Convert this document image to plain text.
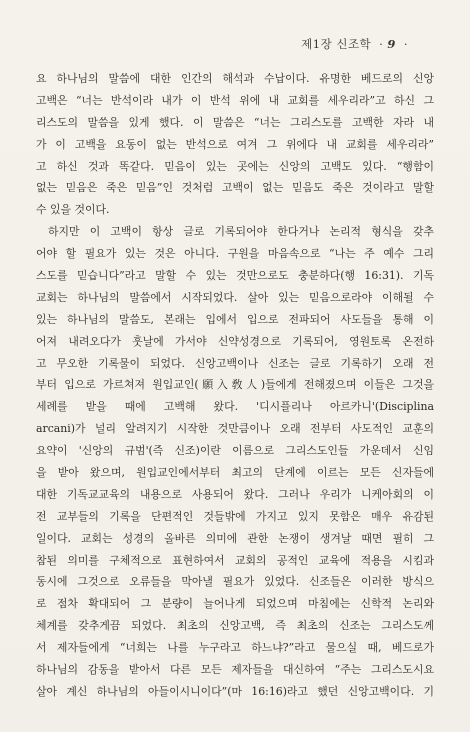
제1장 신조학 · 9 ·
요 하나님의 말씀에 대한 인간의 해석과 수납이다. 유명한 베드로의 신앙
고백은 “너는 반석이라 내가 이 반석 위에 내 교회를 세우리라”고 하신 그
리스도의 말씀을 있게 했다. 이 말씀은 “너는 그리스도를 고백한 자라 내
가 이 고백을 요동이 없는 반석으로 여겨 그 위에다 내 교회를 세우리라”
고 하신 것과 똑같다. 믿음이 있는 곳에는 신앙의 고백도 있다. “행함이
없는 믿음은 죽은 믿음”인 것처럼 고백이 없는 믿음도 죽은 것이라고 말할
수 있을 것이다.
하지만 이 고백이 항상 글로 기록되어야 한다거나 논리적 형식을 갖추
어야 할 필요가 있는 것은 아니다. 구원을 마음속으로 “나는 주 예수 그리
스도를 믿습니다”라고 말할 수 있는 것만으로도 충분하다(행 16:31). 기독
교회는 하나님의 말씀에서 시작되었다. 살아 있는 믿음으로라야 이해될 수
있는 하나님의 말씀도, 본래는 입에서 입으로 전파되어 사도들을 통해 이
어져 내려오다가 훗날에 가서야 신약성경으로 기록되어, 영원토록 온전하
고 무오한 기록물이 되었다. 신앙고백이나 신조는 글로 기록하기 오래 전
부터 입으로 가르쳐져 원입교인(願入敎人)들에게 전해졌으며 이들은 그것을
세례를 받을 때에 고백해 왔다. '디시플리나 아르카니'(Disciplina
arcani)가 널리 알려지기 시작한 것만큼이나 오래 전부터 사도적인 교훈의
요약이 '신앙의 규범'(즉 신조)이란 이름으로 그리스도인들 가운데서 신임
을 받아 왔으며, 원입교인에서부터 최고의 단계에 이르는 모든 신자들에
대한 기독교교육의 내용으로 사용되어 왔다. 그러나 우리가 니케아회의 이
전 교부들의 기록을 단편적인 것들밖에 가지고 있지 못함은 매우 유감된
일이다. 교회는 성경의 올바른 의미에 관한 논쟁이 생겨날 때면 필히 그
참된 의미를 구체적으로 표현하여서 교회의 공적인 교육에 적용을 시킴과
동시에 그것으로 오류들을 막아낼 필요가 있었다. 신조들은 이러한 방식으
로 점차 확대되어 그 분량이 늘어나게 되었으며 마침에는 신학적 논리와
체계를 갖추게끔 되었다. 최초의 신앙고백, 즉 최초의 신조는 그리스도께
서 제자들에게 “너희는 나를 누구라고 하느냐?”라고 물으실 때, 베드로가
하나님의 감동을 받아서 다른 모든 제자들을 대신하여 “주는 그리스도시요
살아 계신 하나님의 아들이시니이다”(마 16:16)라고 했던 신앙고백이다. 기
